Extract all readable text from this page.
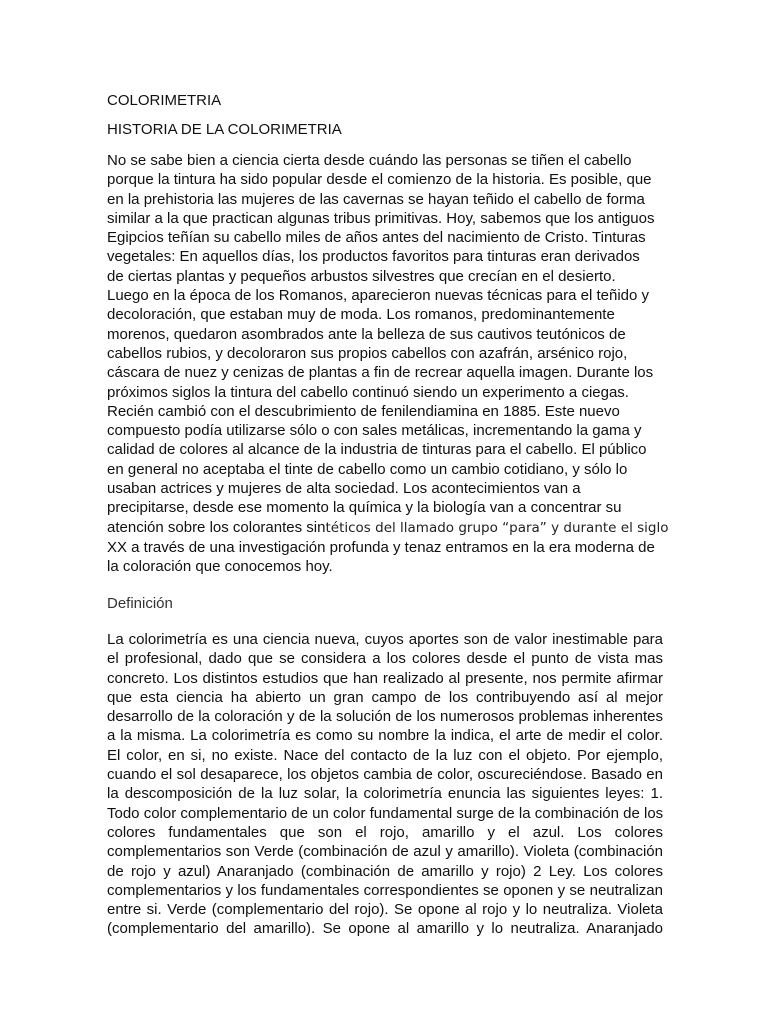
COLORIMETRIA
HISTORIA DE LA COLORIMETRIA
No se sabe bien a ciencia cierta desde cuándo las personas se tiñen el cabello
porque la tintura ha sido popular desde el comienzo de la historia. Es posible, que
en la prehistoria las mujeres de las cavernas se hayan teñido el cabello de forma
similar a la que practican algunas tribus primitivas. Hoy, sabemos que los antiguos
Egipcios teñían su cabello miles de años antes del nacimiento de Cristo. Tinturas
vegetales: En aquellos días, los productos favoritos para tinturas eran derivados
de ciertas plantas y pequeños arbustos silvestres que crecían en el desierto.
Luego en la época de los Romanos, aparecieron nuevas técnicas para el teñido y
decoloración, que estaban muy de moda. Los romanos, predominantemente
morenos, quedaron asombrados ante la belleza de sus cautivos teutónicos de
cabellos rubios, y decoloraron sus propios cabellos con azafrán, arsénico rojo,
cáscara de nuez y cenizas de plantas a fin de recrear aquella imagen. Durante los
próximos siglos la tintura del cabello continuó siendo un experimento a ciegas.
Recién cambió con el descubrimiento de fenilendiamina en 1885. Este nuevo
compuesto podía utilizarse sólo o con sales metálicas, incrementando la gama y
calidad de colores al alcance de la industria de tinturas para el cabello. El público
en general no aceptaba el tinte de cabello como un cambio cotidiano, y sólo lo
usaban actrices y mujeres de alta sociedad. Los acontecimientos van a
precipitarse, desde ese momento la química y la biología van a concentrar su
atención sobre los colorantes sintéticos del llamado grupo “para” y durante el siglo
XX a través de una investigación profunda y tenaz entramos en la era moderna de
la coloración que conocemos hoy.
Definición
La colorimetría es una ciencia nueva, cuyos aportes son de valor inestimable para
el profesional, dado que se considera a los colores desde el punto de vista mas
concreto. Los distintos estudios que han realizado al presente, nos permite afirmar
que esta ciencia ha abierto un gran campo de los contribuyendo así al mejor
desarrollo de la coloración y de la solución de los numerosos problemas inherentes
a la misma. La colorimetría es como su nombre la indica, el arte de medir el color.
El color, en si, no existe. Nace del contacto de la luz con el objeto. Por ejemplo,
cuando el sol desaparece, los objetos cambia de color, oscureciéndose. Basado en
la descomposición de la luz solar, la colorimetría enuncia las siguientes leyes: 1.
Todo color complementario de un color fundamental surge de la combinación de los
colores fundamentales que son el rojo, amarillo y el azul. Los colores
complementarios son Verde (combinación de azul y amarillo). Violeta (combinación
de rojo y azul) Anaranjado (combinación de amarillo y rojo) 2 Ley. Los colores
complementarios y los fundamentales correspondientes se oponen y se neutralizan
entre si. Verde (complementario del rojo). Se opone al rojo y lo neutraliza. Violeta
(complementario del amarillo). Se opone al amarillo y lo neutraliza. Anaranjado
